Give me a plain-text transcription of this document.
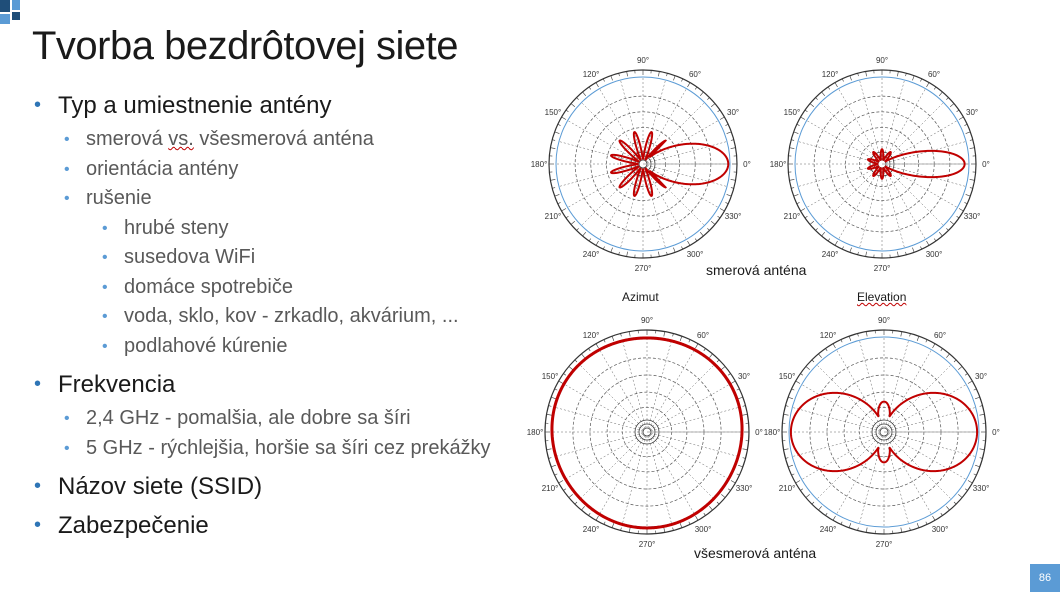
Tvorba bezdrôtovej siete
• Typ a umiestnenie antény
• smerová vs. všesmerová anténa
• orientácia antény
• rušenie
• hrubé steny
• susedova WiFi
• domáce spotrebiče
• voda, sklo, kov - zrkadlo, akvárium, ...
• podlahové kúrenie
• Frekvencia
• 2,4 GHz - pomalšia, ale dobre sa šíri
• 5 GHz - rýchlejšia, horšie sa šíri cez prekážky
• Názov siete (SSID)
• Zabezpečenie
0°
30°
60°
90°
120°
150°
180°
210°
240°
270°
300°
330°
0°
30°
60°
90°
120°
150°
180°
210°
240°
270°
300°
330°
0°
30°
60°
90°
120°
150°
180°
210°
240°
270°
300°
330°
0°
30°
60°
90°
120°
150°
180°
210°
240°
270°
300°
330°
smerová anténa
Azimut	Elevation
všesmerová anténa
86
